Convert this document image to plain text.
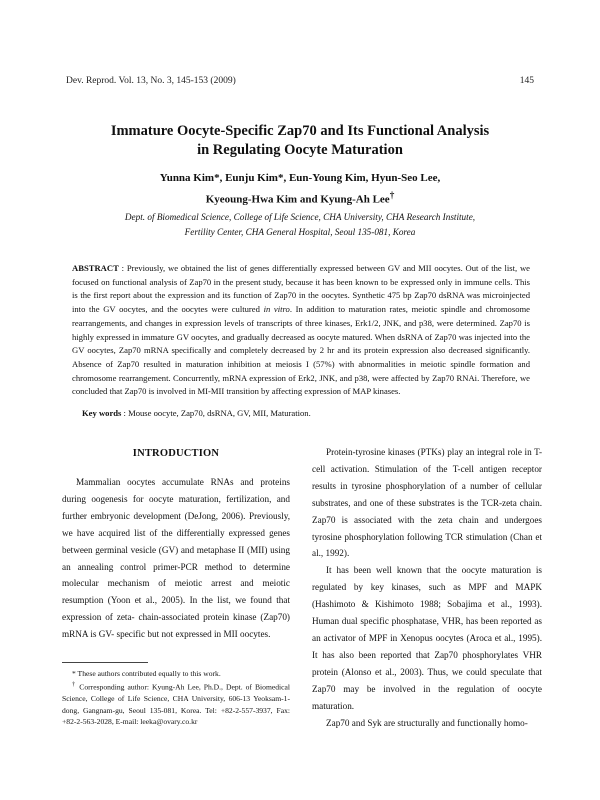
Dev. Reprod. Vol. 13, No. 3, 145-153 (2009)	145
Immature Oocyte-Specific Zap70 and Its Functional Analysis
in Regulating Oocyte Maturation
Yunna Kim*, Eunju Kim*, Eun-Young Kim, Hyun-Seo Lee,
Kyeoung-Hwa Kim and Kyung-Ah Lee†
Dept. of Biomedical Science, College of Life Science, CHA University, CHA Research Institute,
Fertility Center, CHA General Hospital, Seoul 135-081, Korea
ABSTRACT : Previously, we obtained the list of genes differentially expressed between GV and MII oocytes. Out of the list, we focused on functional analysis of Zap70 in the present study, because it has been known to be expressed only in immune cells. This is the first report about the expression and its function of Zap70 in the oocytes. Synthetic 475 bp Zap70 dsRNA was microinjected into the GV oocytes, and the oocytes were cultured in vitro. In addition to maturation rates, meiotic spindle and chromosome rearrangements, and changes in expression levels of transcripts of three kinases, Erk1/2, JNK, and p38, were determined. Zap70 is highly expressed in immature GV oocytes, and gradually decreased as oocyte matured. When dsRNA of Zap70 was injected into the GV oocytes, Zap70 mRNA specifically and completely decreased by 2 hr and its protein expression also decreased significantly. Absence of Zap70 resulted in maturation inhibition at meiosis I (57%) with abnormalities in meiotic spindle formation and chromosome rearrangement. Concurrently, mRNA expression of Erk2, JNK, and p38, were affected by Zap70 RNAi. Therefore, we concluded that Zap70 is involved in MI-MII transition by affecting expression of MAP kinases.
Key words : Mouse oocyte, Zap70, dsRNA, GV, MII, Maturation.
INTRODUCTION

Mammalian oocytes accumulate RNAs and proteins during oogenesis for oocyte maturation, fertilization, and further embryonic development (DeJong, 2006). Previously, we have acquired list of the differentially expressed genes between germinal vesicle (GV) and metaphase II (MII) using an annealing control primer-PCR method to determine molecular mechanism of meiotic arrest and meiotic resumption (Yoon et al., 2005). In the list, we found that expression of zeta- chain-associated protein kinase (Zap70) mRNA is GV- specific but not expressed in MII oocytes.

Protein-tyrosine kinases (PTKs) play an integral role in T-cell activation. Stimulation of the T-cell antigen receptor results in tyrosine phosphorylation of a number of cellular substrates, and one of these substrates is the TCR-zeta chain. Zap70 is associated with the zeta chain and undergoes tyrosine phosphorylation following TCR stimulation (Chan et al., 1992).

It has been well known that the oocyte maturation is regulated by key kinases, such as MPF and MAPK (Hashimoto & Kishimoto 1988; Sobajima et al., 1993). Human dual specific phosphatase, VHR, has been reported as an activator of MPF in Xenopus oocytes (Aroca et al., 1995). It has also been reported that Zap70 phosphorylates VHR protein (Alonso et al., 2003). Thus, we could speculate that Zap70 may be involved in the regulation of oocyte maturation.

Zap70 and Syk are structurally and functionally homo-

* These authors contributed equally to this work.

† Corresponding author: Kyung-Ah Lee, Ph.D., Dept. of Biomedical Science, College of Life Science, CHA University, 606-13 Yeoksam-1-dong, Gangnam-gu, Seoul 135-081, Korea. Tel: +82-2-557-3937, Fax: +82-2-563-2028, E-mail: leeka@ovary.co.kr
